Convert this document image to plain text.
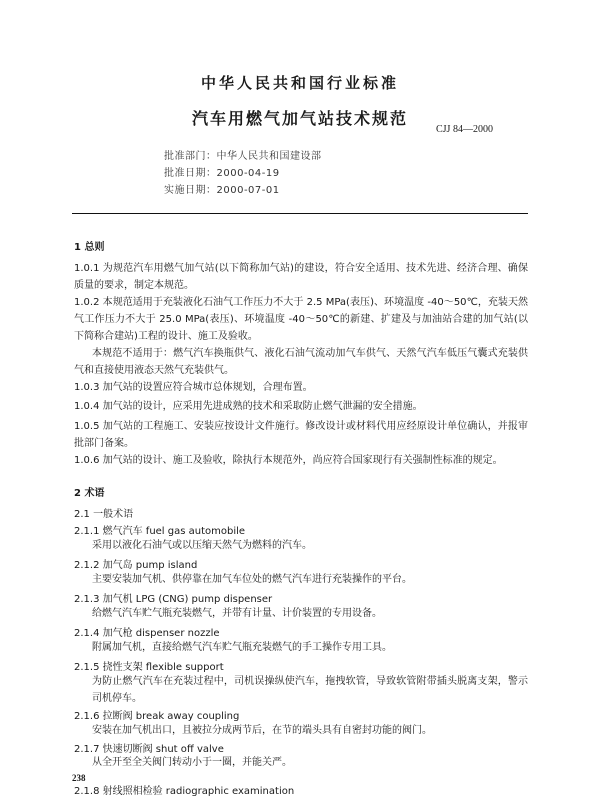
中华人民共和国行业标准
汽车用燃气加气站技术规范
CJJ 84—2000
批准部门：中华人民共和国建设部
批准日期：2000-04-19
实施日期：2000-07-01
1 总则
1.0.1 为规范汽车用燃气加气站(以下简称加气站)的建设，符合安全适用、技术先进、经济合理、确保质量的要求，制定本规范。
1.0.2 本规范适用于充装液化石油气工作压力不大于 2.5 MPa(表压)、环境温度 -40～50℃，充装天然气工作压力不大于 25.0 MPa(表压)、环境温度 -40～50℃的新建、扩建及与加油站合建的加气站(以下简称合建站)工程的设计、施工及验收。
本规范不适用于：燃气汽车换瓶供气、液化石油气流动加气车供气、天然气汽车低压气囊式充装供气和直接使用液态天然气充装供气。
1.0.3 加气站的设置应符合城市总体规划，合理布置。
1.0.4 加气站的设计，应采用先进成熟的技术和采取防止燃气泄漏的安全措施。
1.0.5 加气站的工程施工、安装应按设计文件施行。修改设计或材料代用应经原设计单位确认，并报审批部门备案。
1.0.6 加气站的设计、施工及验收，除执行本规范外，尚应符合国家现行有关强制性标准的规定。
2 术语
2.1 一般术语
2.1.1 燃气汽车 fuel gas automobile
采用以液化石油气或以压缩天然气为燃料的汽车。
2.1.2 加气岛 pump island
主要安装加气机、供停靠在加气车位处的燃气汽车进行充装操作的平台。
2.1.3 加气机 LPG (CNG) pump dispenser
给燃气汽车贮气瓶充装燃气，并带有计量、计价装置的专用设备。
2.1.4 加气枪 dispenser nozzle
附属加气机，直接给燃气汽车贮气瓶充装燃气的手工操作专用工具。
2.1.5 挠性支架 flexible support
为防止燃气汽车在充装过程中，司机误操纵使汽车，拖拽软管，导致软管附带插头脱离支架，警示司机停车。
2.1.6 拉断阀 break away coupling
安装在加气机出口，且被拉分成两节后，在节的端头具有自密封功能的阀门。
2.1.7 快速切断阀 shut off valve
从全开至全关阀门转动小于一圈，并能关严。
238
2.1.8 射线照相检验 radiographic examination
